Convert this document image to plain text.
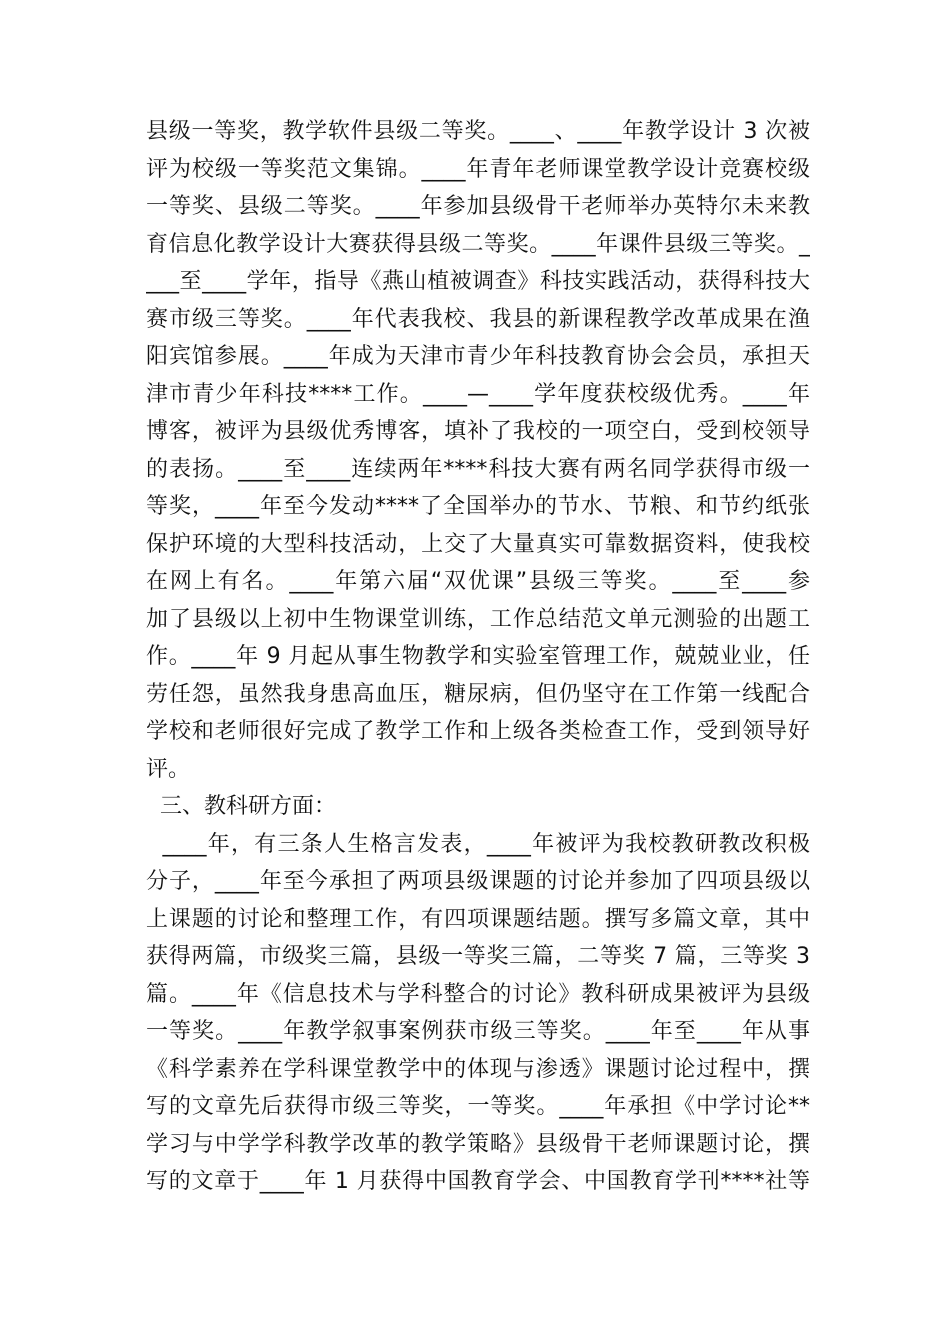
县级一等奖，教学软件县级二等奖。____、____年教学设计 3 次被
评为校级一等奖范文集锦。____年青年老师课堂教学设计竞赛校级
一等奖、县级二等奖。____年参加县级骨干老师举办英特尔未来教
育信息化教学设计大赛获得县级二等奖。____年课件县级三等奖。_
___至____学年，指导《燕山植被调查》科技实践活动，获得科技大
赛市级三等奖。____年代表我校、我县的新课程教学改革成果在渔
阳宾馆参展。____年成为天津市青少年科技教育协会会员，承担天
津市青少年科技****工作。____—____学年度获校级优秀。____年
博客，被评为县级优秀博客，填补了我校的一项空白，受到校领导
的表扬。____至____连续两年****科技大赛有两名同学获得市级一
等奖，____年至今发动****了全国举办的节水、节粮、和节约纸张
保护环境的大型科技活动，上交了大量真实可靠数据资料，使我校
在网上有名。____年第六届“双优课”县级三等奖。____至____参
加了县级以上初中生物课堂训练，工作总结范文单元测验的出题工
作。____年 9 月起从事生物教学和实验室管理工作，兢兢业业，任
劳任怨，虽然我身患高血压，糖尿病，但仍坚守在工作第一线配合
学校和老师很好完成了教学工作和上级各类检查工作，受到领导好
评。
三、教科研方面：
____年，有三条人生格言发表，____年被评为我校教研教改积极
分子，____年至今承担了两项县级课题的讨论并参加了四项县级以
上课题的讨论和整理工作，有四项课题结题。撰写多篇文章，其中
获得两篇，市级奖三篇，县级一等奖三篇，二等奖 7 篇，三等奖 3
篇。____年《信息技术与学科整合的讨论》教科研成果被评为县级
一等奖。____年教学叙事案例获市级三等奖。____年至____年从事
《科学素养在学科课堂教学中的体现与渗透》课题讨论过程中，撰
写的文章先后获得市级三等奖，一等奖。____年承担《中学讨论**
学习与中学学科教学改革的教学策略》县级骨干老师课题讨论，撰
写的文章于____年 1 月获得中国教育学会、中国教育学刊****社等
